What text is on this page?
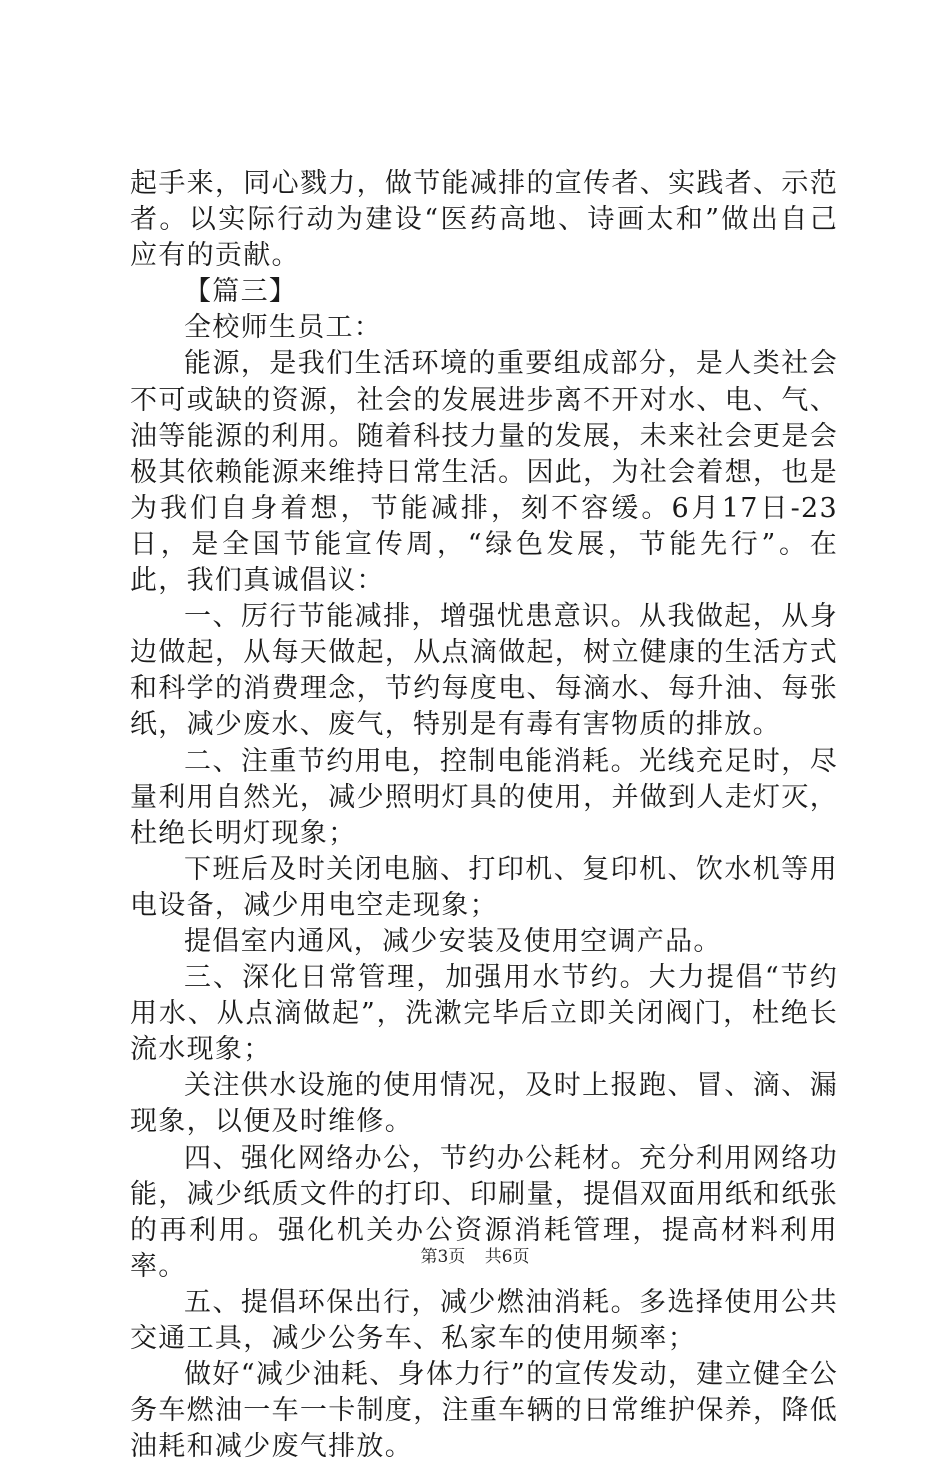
起手来，同心戮力，做节能减排的宣传者、实践者、示范者。以实际行动为建设“医药高地、诗画太和”做出自己应有的贡献。

【篇三】

全校师生员工：

能源，是我们生活环境的重要组成部分，是人类社会不可或缺的资源，社会的发展进步离不开对水、电、气、油等能源的利用。随着科技力量的发展，未来社会更是会极其依赖能源来维持日常生活。因此，为社会着想，也是为我们自身着想，节能减排，刻不容缓。6月17日-23日，是全国节能宣传周，“绿色发展，节能先行”。在此，我们真诚倡议：

一、厉行节能减排，增强忧患意识。从我做起，从身边做起，从每天做起，从点滴做起，树立健康的生活方式和科学的消费理念，节约每度电、每滴水、每升油、每张纸，减少废水、废气，特别是有毒有害物质的排放。

二、注重节约用电，控制电能消耗。光线充足时，尽量利用自然光，减少照明灯具的使用，并做到人走灯灭，杜绝长明灯现象；

下班后及时关闭电脑、打印机、复印机、饮水机等用电设备，减少用电空走现象；

提倡室内通风，减少安装及使用空调产品。

三、深化日常管理，加强用水节约。大力提倡“节约用水、从点滴做起”，洗漱完毕后立即关闭阀门，杜绝长流水现象；

关注供水设施的使用情况，及时上报跑、冒、滴、漏现象，以便及时维修。

四、强化网络办公，节约办公耗材。充分利用网络功能，减少纸质文件的打印、印刷量，提倡双面用纸和纸张的再利用。强化机关办公资源消耗管理，提高材料利用率。

五、提倡环保出行，减少燃油消耗。多选择使用公共交通工具，减少公务车、私家车的使用频率；

做好“减少油耗、身体力行”的宣传发动，建立健全公务车燃油一车一卡制度，注重车辆的日常维护保养，降低油耗和减少废气排放。

第3页 共6页
